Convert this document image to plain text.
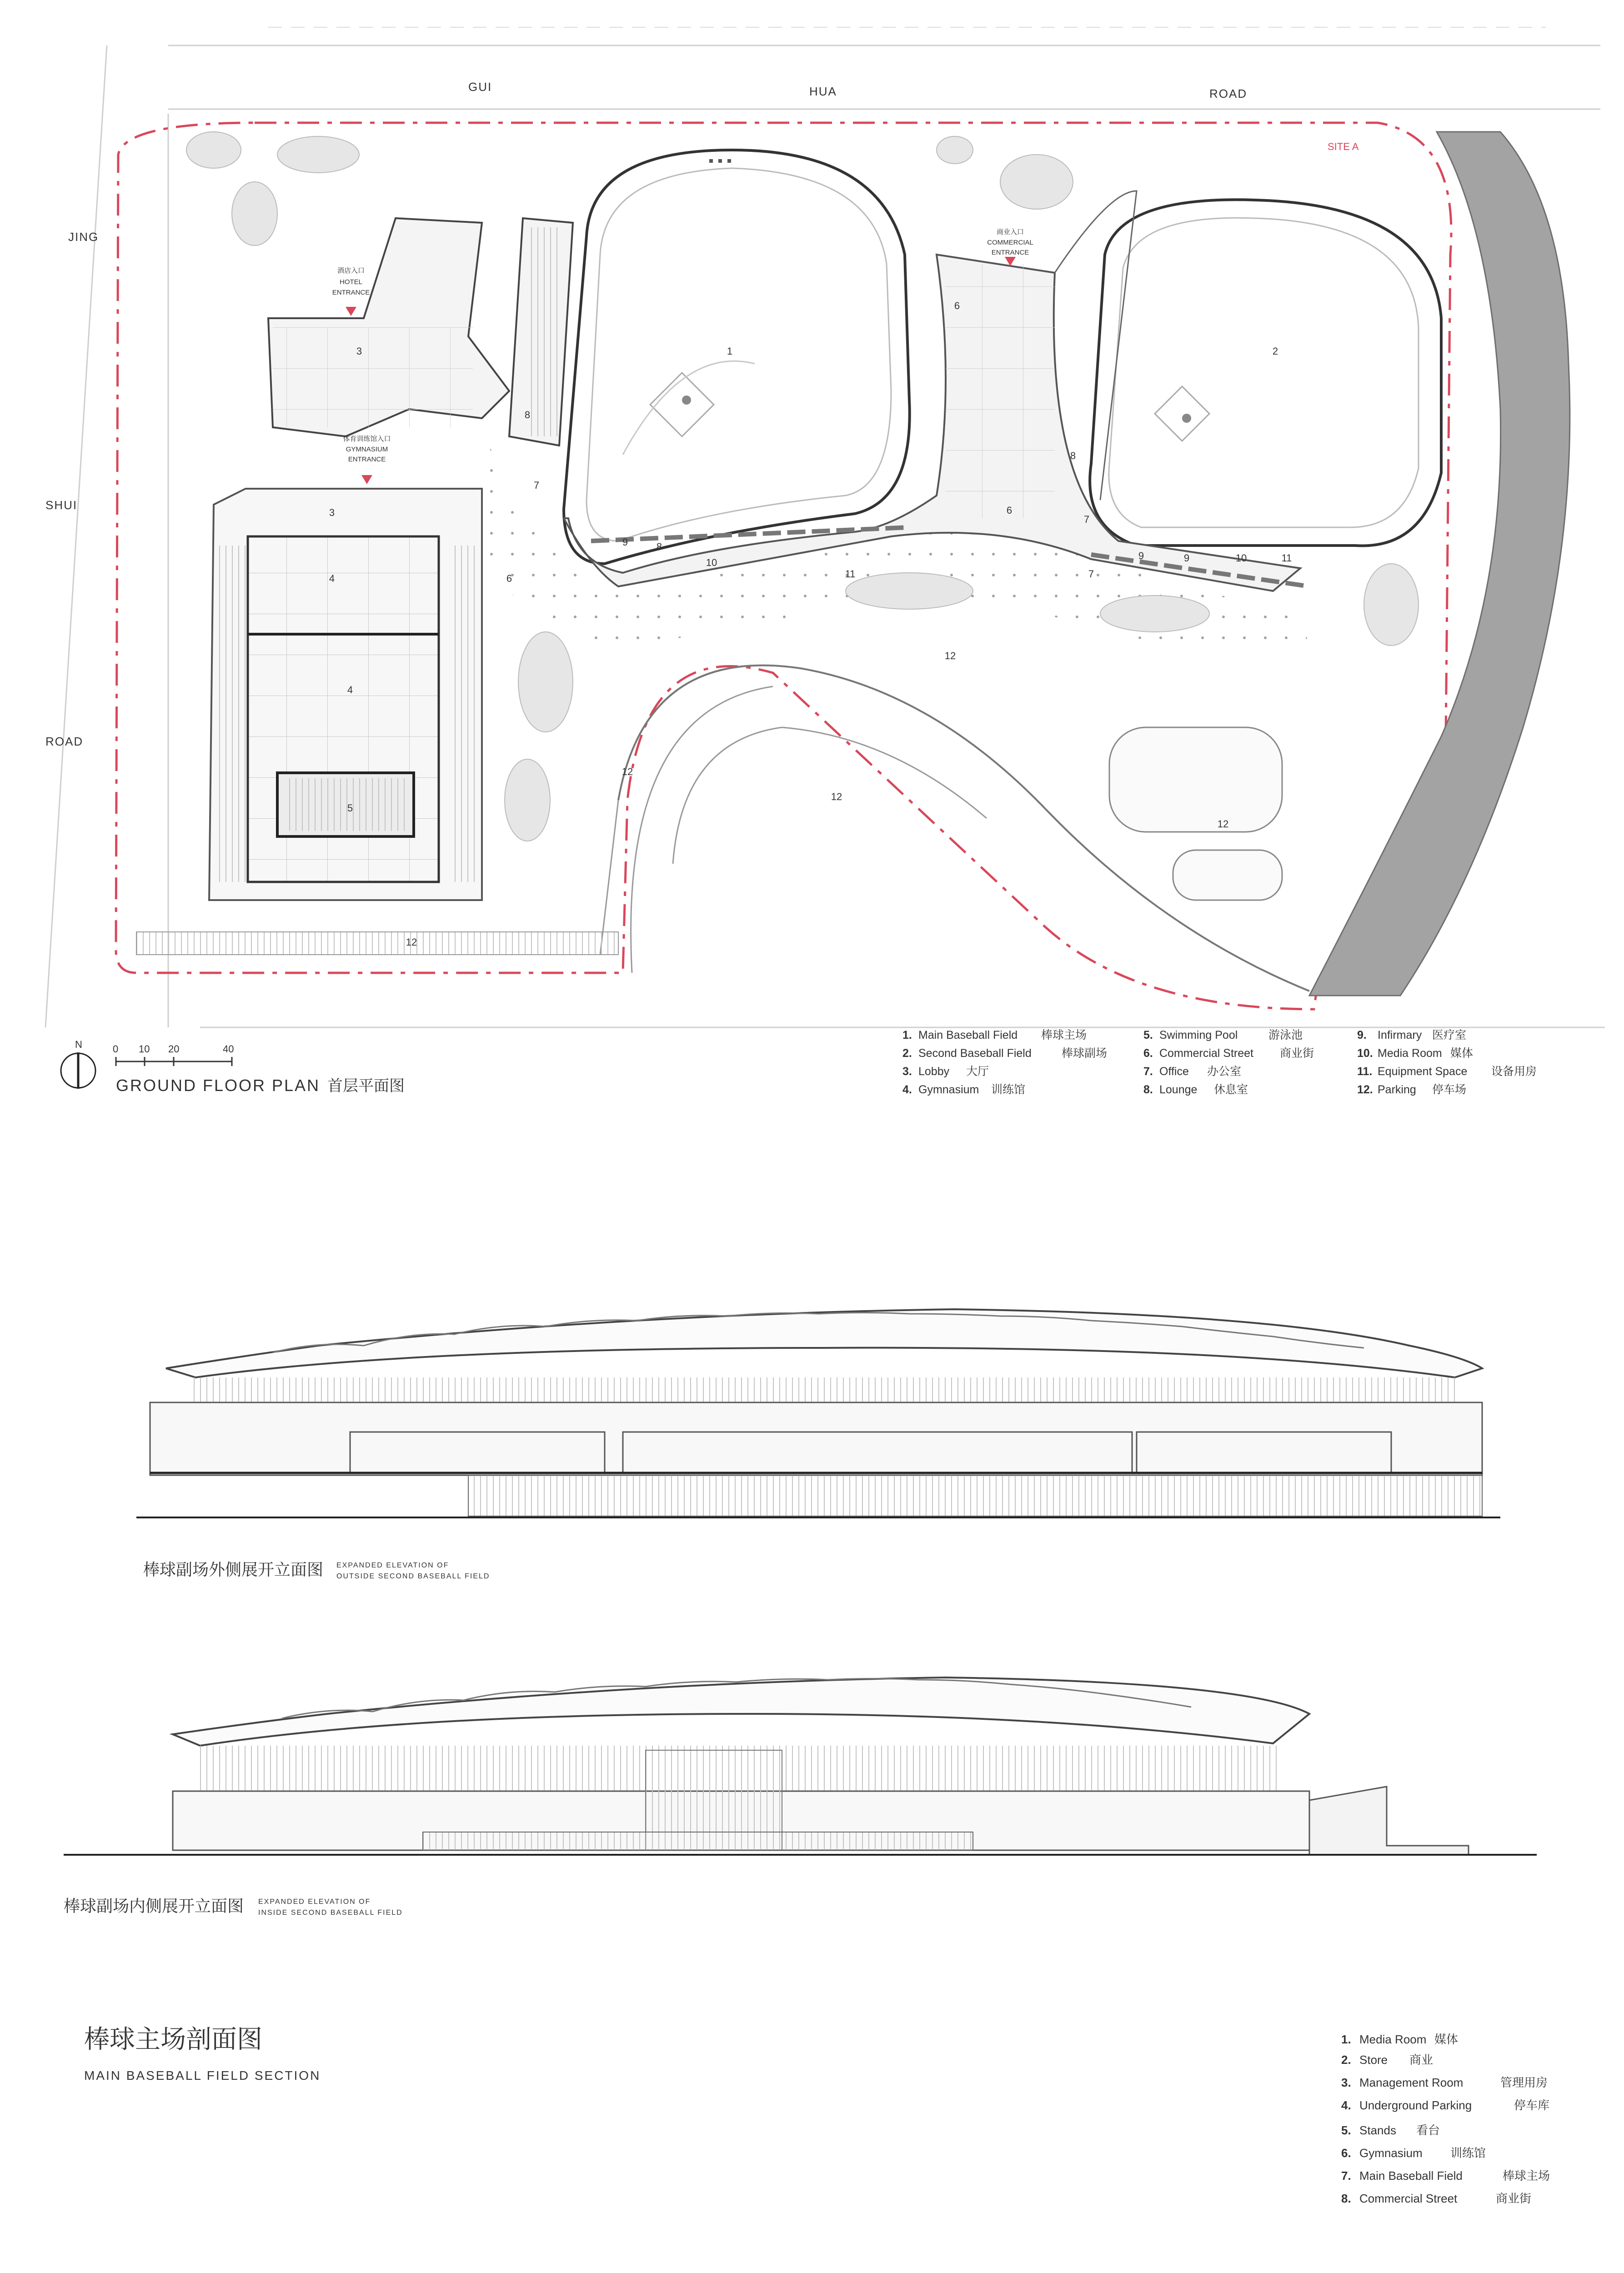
GUI	HUA	ROAD
JING
SHUI
ROAD
SITE A
酒店入口
HOTEL
ENTRANCE
商业入口
COMMERCIAL
ENTRANCE
体育训练馆入口
GYMNASIUM
ENTRANCE
1	2
3
3
4
4
5
6
6
6
7
7
7
8
8
8
9
9	9
10	10
11
11
12
12
12
12
12
N	0 10 20	40
GROUND FLOOR PLAN 首层平面图
1. Main Baseball Field 棒球主场
2. Second Baseball Field	棒球副场
3. Lobby 大厅
4. Gymnasium 训练馆
5. Swimming Pool	游泳池
6. Commercial Street 商业街
7. Office 办公室
8. Lounge 休息室
9. Infirmary 医疗室
10. Media Room 媒体
11. Equipment Space 设备用房
12. Parking 停车场
棒球副场外侧展开立面图 EXPANDED ELEVATION OF
OUTSIDE SECOND BASEBALL FIELD
棒球副场内侧展开立面图 EXPANDED ELEVATION OF
INSIDE SECOND BASEBALL FIELD
棒球主场剖面图
MAIN BASEBALL FIELD SECTION
1. Media Room 媒体
2. Store 商业
3. Management Room	管理用房
4. Underground Parking	停车库
5. Stands 看台
6. Gymnasium 训练馆
7. Main Baseball Field	棒球主场
8. Commercial Street	商业街
